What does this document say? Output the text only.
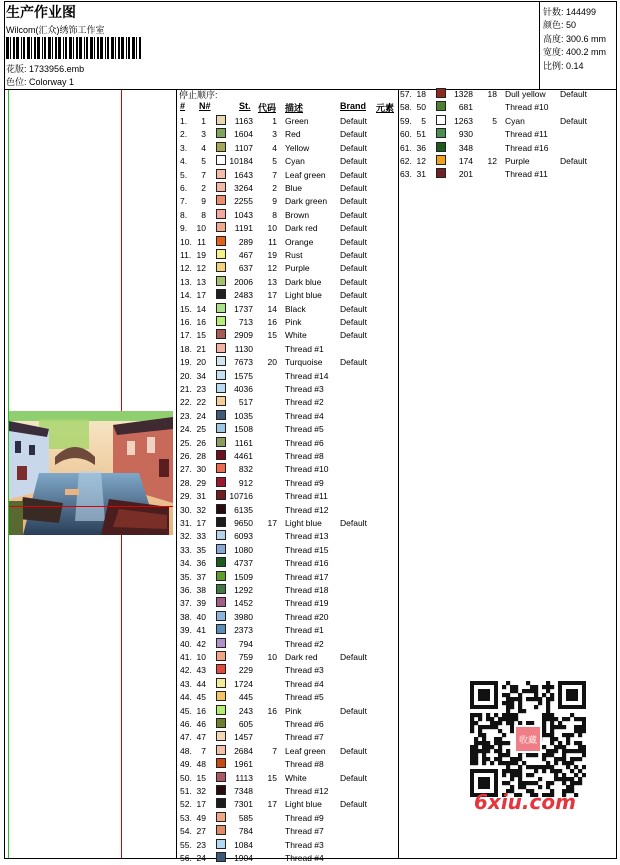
生产作业图
Wilcom(汇众)绣饰工作室
花版: 1733956.emb
色位: Colorway 1
针数: 144499
颜色: 50
高度: 300.6 mm
宽度: 400.2 mm
比例: 0.14
停止顺序:
# N#	St. 代码 描述	Brand 元素
1. 1	1163 1 Green	Default
2. 3	1604 3 Red	Default
3. 4	1107 4 Yellow	Default
4. 5	10184 5 Cyan	Default
5. 7	1643 7 Leaf green Default
6. 2	3264 2 Blue	Default
7. 9	2255 9 Dark green Default
8. 8	1043 8 Brown	Default
9. 10	1191 10 Dark red	Default
10. 11	289 11 Orange	Default
11. 19	467 19 Rust	Default
12. 12	637 12 Purple	Default
13. 13	2006 13 Dark blue Default
14. 17	2483 17 Light blue Default
15. 14	1737 14 Black	Default
16. 16	713 16 Pink	Default
17. 15	2909 15 White	Default
18. 21	1130	Thread #1
19. 20	7673 20 Turquoise Default
20. 34	1575	Thread #14
21. 23	4036	Thread #3
22. 22	517	Thread #2
23. 24	1035	Thread #4
24. 25	1508	Thread #5
25. 26	1161	Thread #6
26. 28	4461	Thread #8
27. 30	832	Thread #10
28. 29	912	Thread #9
29. 31	10716	Thread #11
30. 32	6135	Thread #12
31. 17	9650 17 Light blue Default
32. 33	6093	Thread #13
33. 35	1080	Thread #15
34. 36	4737	Thread #16
35. 37	1509	Thread #17
36. 38	1292	Thread #18
37. 39	1452	Thread #19
38. 40	3980	Thread #20
39. 41	2373	Thread #1
40. 42	794	Thread #2
41. 10	759 10 Dark red	Default
42. 43	229	Thread #3
43. 44	1724	Thread #4
44. 45	445	Thread #5
45. 16	243 16 Pink	Default
46. 46	605	Thread #6
47. 47	1457	Thread #7
48. 7	2684 7 Leaf green Default
49. 48	1961	Thread #8
50. 15	1113 15 White	Default
51. 32	7348	Thread #12
52. 17	7301 17 Light blue Default
53. 49	585	Thread #9
54. 27	784	Thread #7
55. 23	1084	Thread #3
56. 24	1904	Thread #4
57. 18	1328 18 Dull yellow Default
58. 50	681	Thread #10
59. 5	1263 5 Cyan	Default
60. 51	930	Thread #11
61. 36	348	Thread #16
62. 12	174 12 Purple	Default
63. 31	201	Thread #11
收藏
6xiu.com
